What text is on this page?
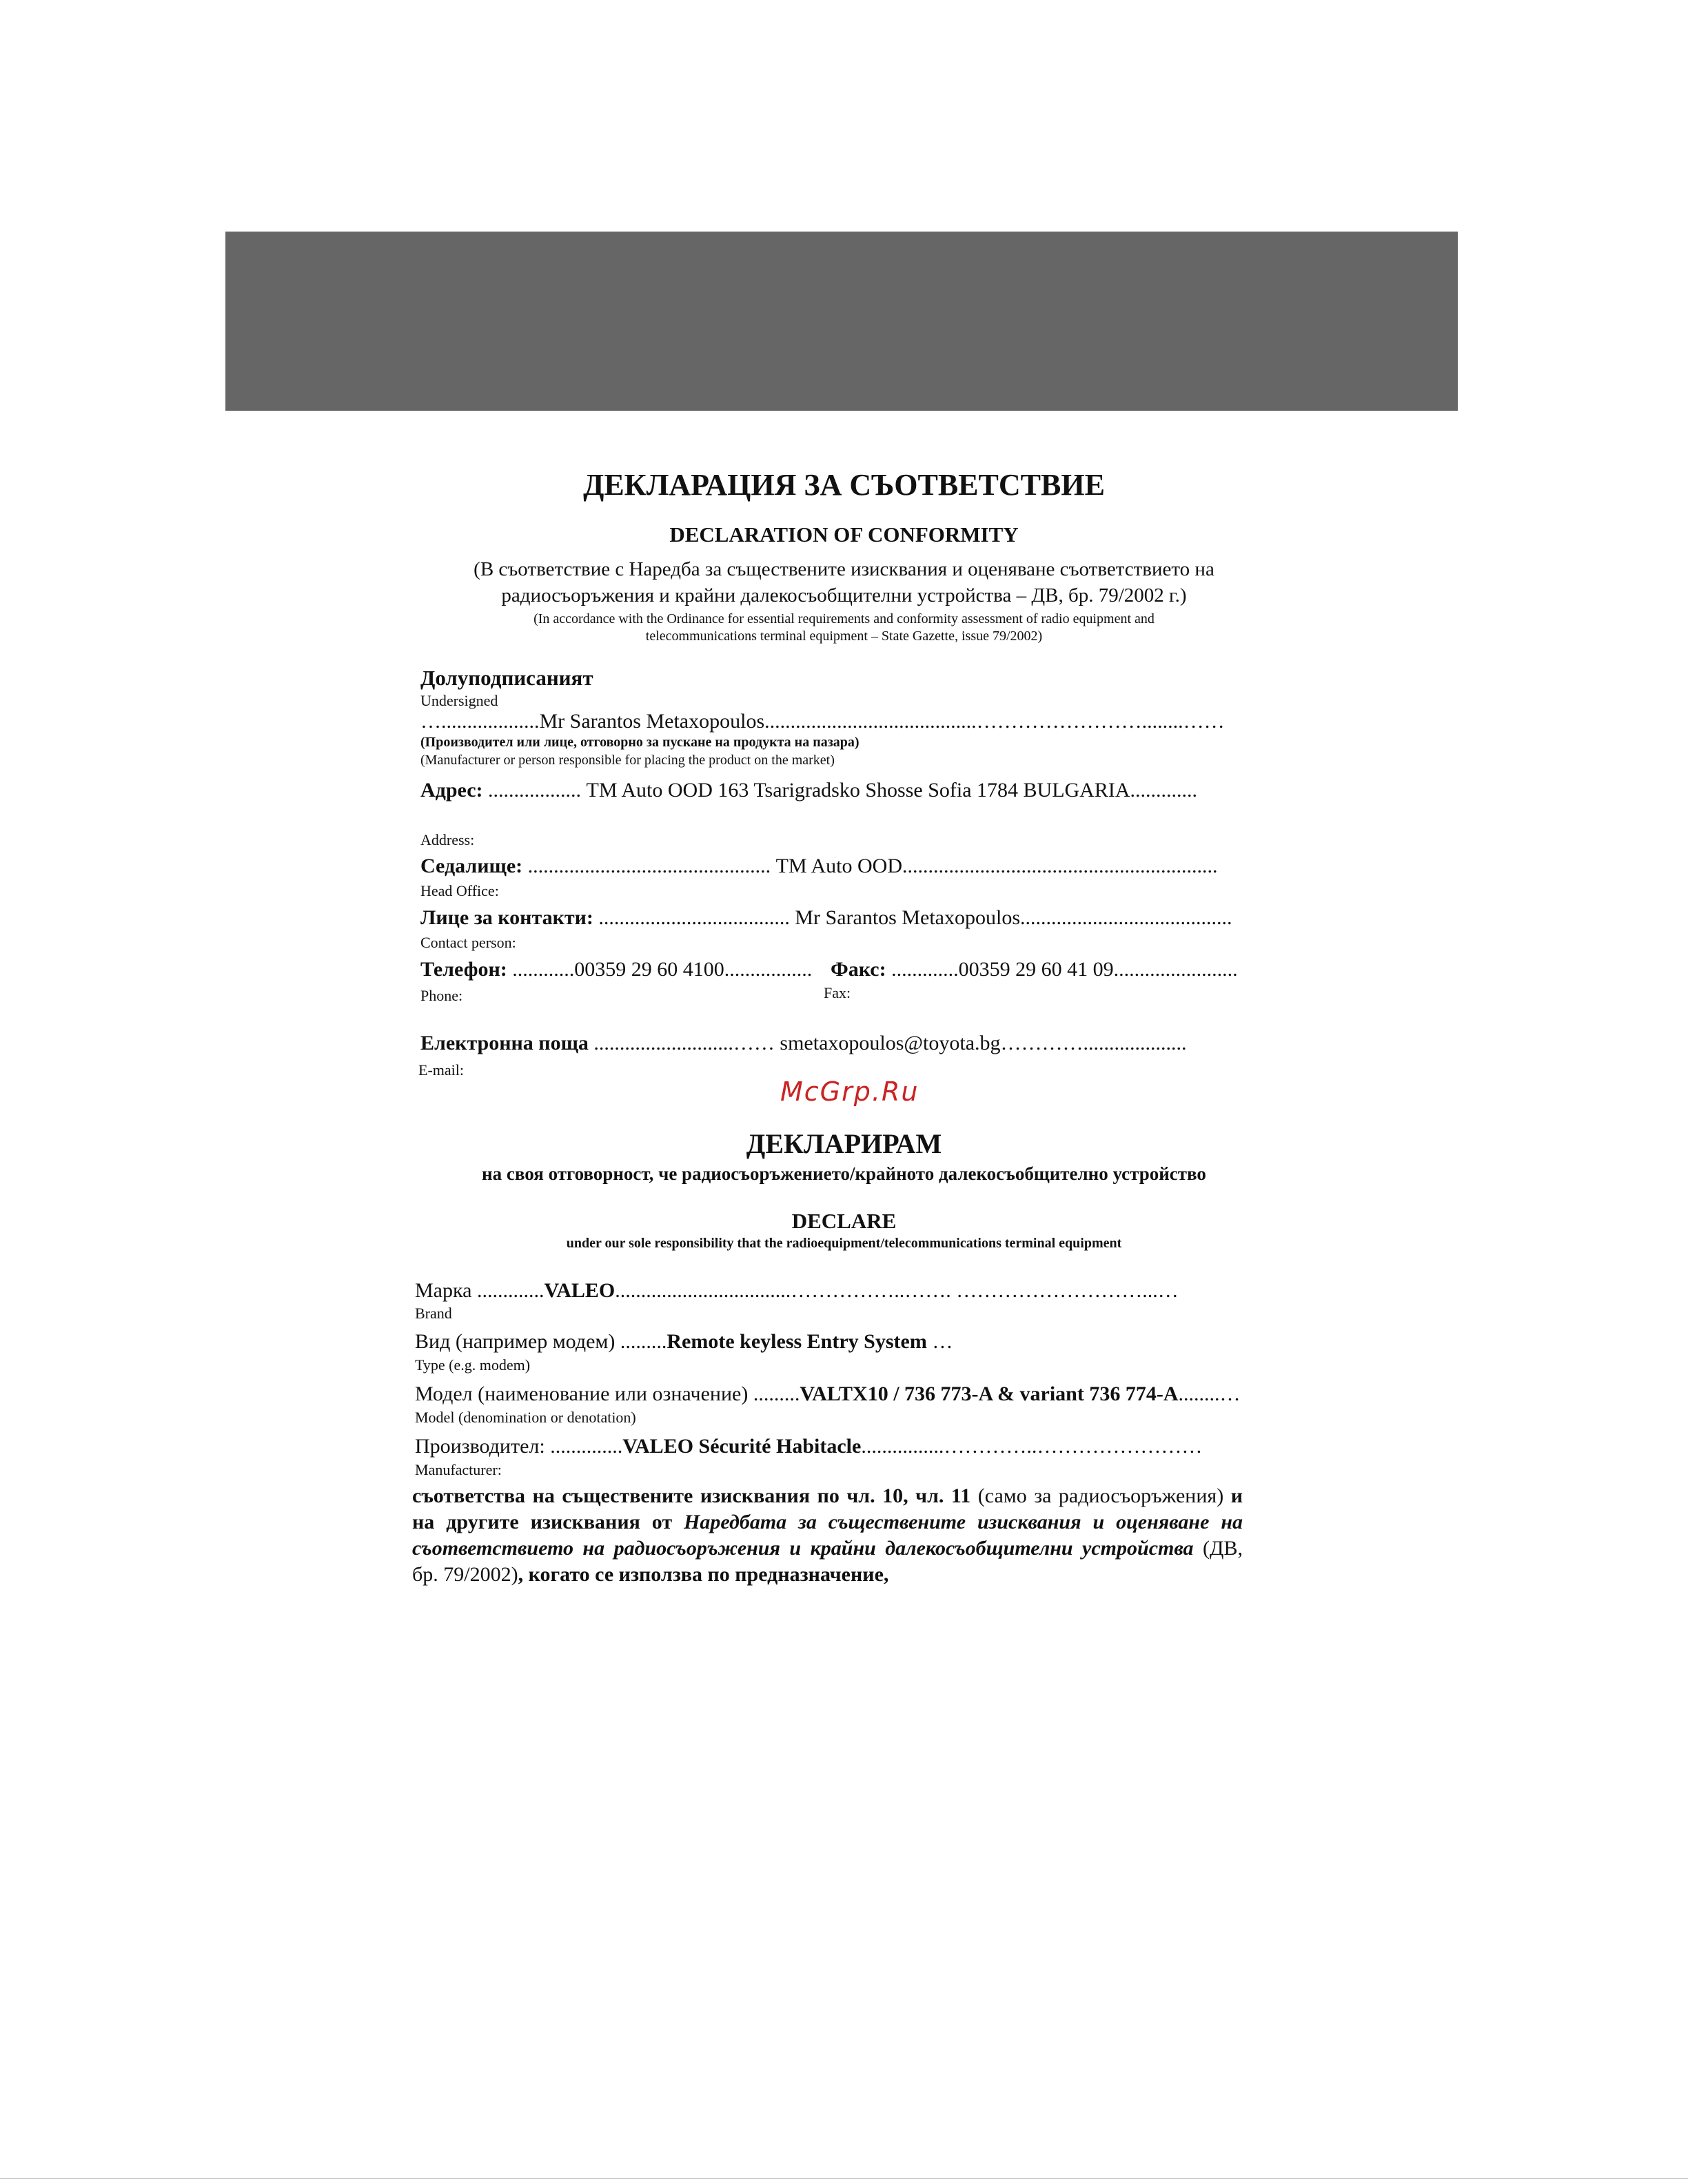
ДЕКЛАРАЦИЯ ЗА СЪОТВЕТСТВИЕ
DECLARATION OF CONFORMITY
(В съответствие с Наредба за съществените изисквания и оценяване съответствието на
радиосъоръжения и крайни далекосъобщителни устройства – ДВ, бр. 79/2002 г.)
(In accordance with the Ordinance for essential requirements and conformity assessment of radio equipment and
telecommunications terminal equipment – State Gazette, issue 79/2002)
Долуподписаният
Undersigned
…...................Mr Sarantos Metaxopoulos.........................................……………………........……
(Производител или лице, отговорно за пускане на продукта на пазара)
(Manufacturer or person responsible for placing the product on the market)
Адрес: .................. TM Auto OOD 163 Tsarigradsko Shosse Sofia 1784 BULGARIA.............
Address:
Седалище: ............................................... TM Auto OOD.............................................................
Head Office:
Лице за контакти: ..................................... Mr Sarantos Metaxopoulos.........................................
Contact person:
Телефон: ............00359 29 60 4100................. Факс: .............00359 29 60 41 09........................
Phone:	Fax:
Електронна поща ...........................…… smetaxopoulos@toyota.bg…………....................
E-mail:
McGrp.Ru
ДЕКЛАРИРАМ
на своя отговорност, че радиосъоръжението/крайното далекосъобщително устройство
DECLARE
under our sole responsibility that the radioequipment/telecommunications terminal equipment
Марка .............VALEO..................................……………..……. ………………………...…
Brand
Вид (например модем) .........Remote keyless Entry System …
Type (e.g. modem)
Модел (наименование или означение) .........VALTX10 / 736 773-A & variant 736 774-A........…
Model (denomination or denotation)
Производител: ..............VALEO Sécurité Habitacle................…………..……………………
Manufacturer:
съответства на съществените изисквания по чл. 10, чл. 11 (само за радиосъоръжения) и на другите изисквания от Наредбата за съществените изисквания и оценяване на съответствието на радиосъоръжения и крайни далекосъобщителни устройства (ДВ, бр. 79/2002), когато се използва по предназначение,
